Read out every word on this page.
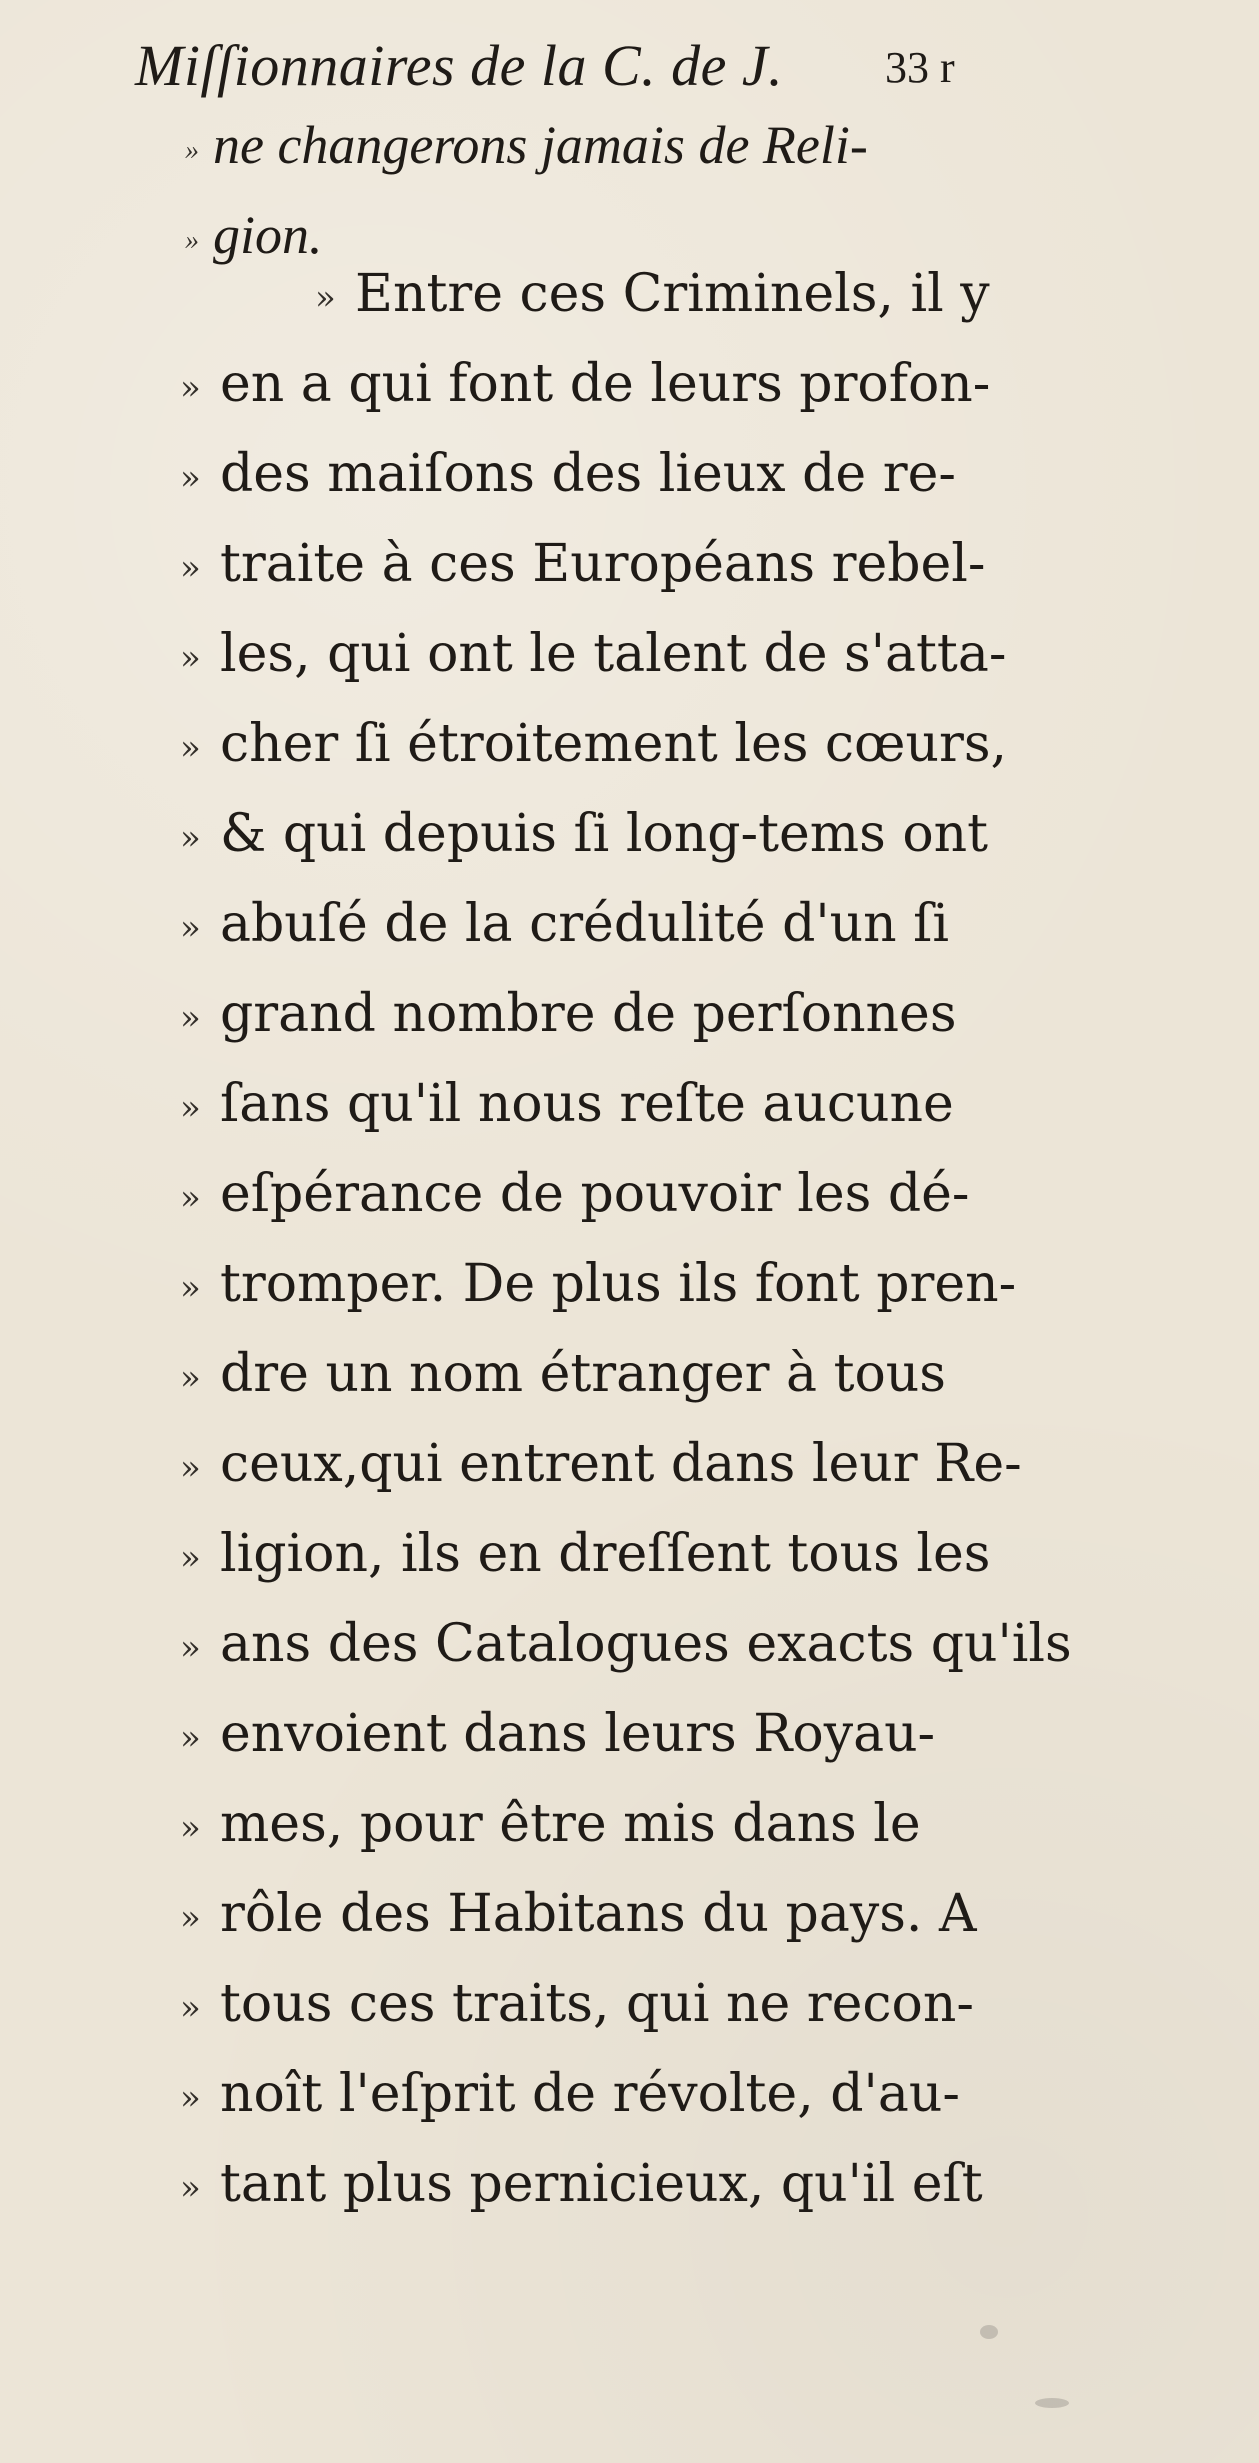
Miſſionnaires de la C. de J. 33 r
» ne changerons jamais de Reli-
» gion.
» Entre ces Criminels, il y
» en a qui font de leurs profon-
» des maiſons des lieux de re-
» traite à ces Européans rebel-
» les, qui ont le talent de s'atta-
» cher ſi étroitement les cœurs,
» & qui depuis ſi long-tems ont
» abuſé de la crédulité d'un ſi
» grand nombre de perſonnes
» ſans qu'il nous reſte aucune
» eſpérance de pouvoir les dé-
» tromper. De plus ils font pren-
» dre un nom étranger à tous
» ceux,qui entrent dans leur Re-
» ligion, ils en dreſſent tous les
» ans des Catalogues exacts qu'ils
» envoient dans leurs Royau-
» mes, pour être mis dans le
» rôle des Habitans du pays. A
» tous ces traits, qui ne recon-
» noît l'eſprit de révolte, d'au-
» tant plus pernicieux, qu'il eſt
